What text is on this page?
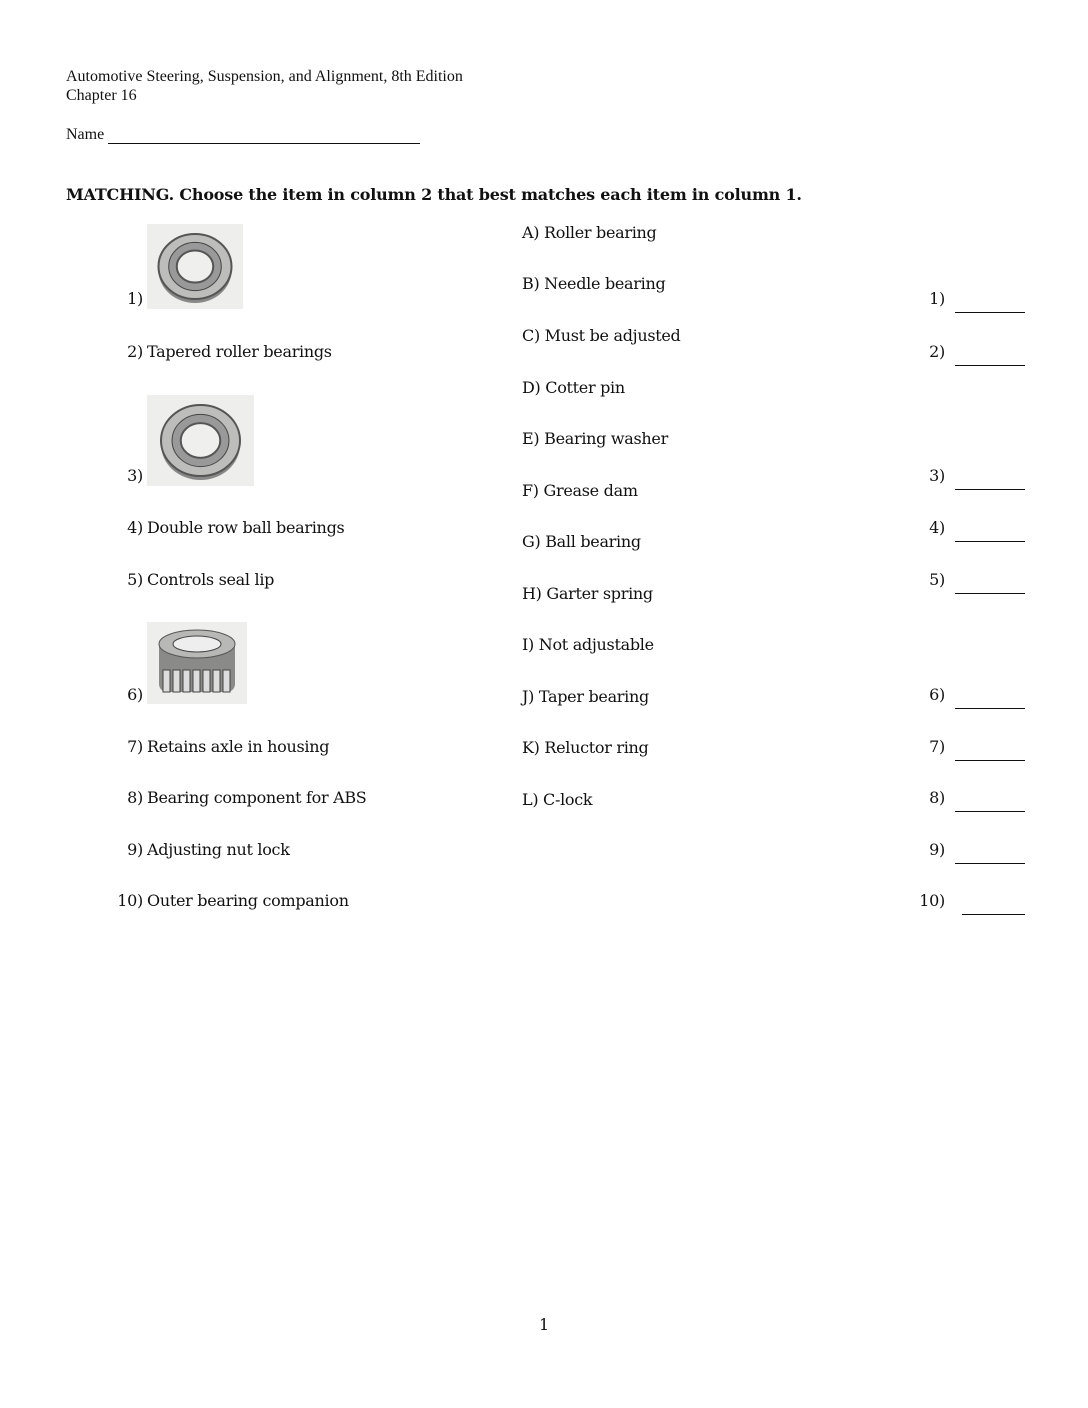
Automotive Steering, Suspension, and Alignment, 8th Edition
Chapter 16
Name
MATCHING. Choose the item in column 2 that best matches each item in column 1.
1
1)
2) Tapered roller bearings
3)
4) Double row ball bearings
5) Controls seal lip
6)
7) Retains axle in housing
8) Bearing component for ABS
9) Adjusting nut lock
10) Outer bearing companion
A) Roller bearing
B) Needle bearing
C) Must be adjusted
D) Cotter pin
E) Bearing washer
F) Grease dam
G) Ball bearing
H) Garter spring
I) Not adjustable
J) Taper bearing
K) Reluctor ring
L) C-lock
1)
2)
3)
4)
5)
6)
7)
8)
9)
10)
